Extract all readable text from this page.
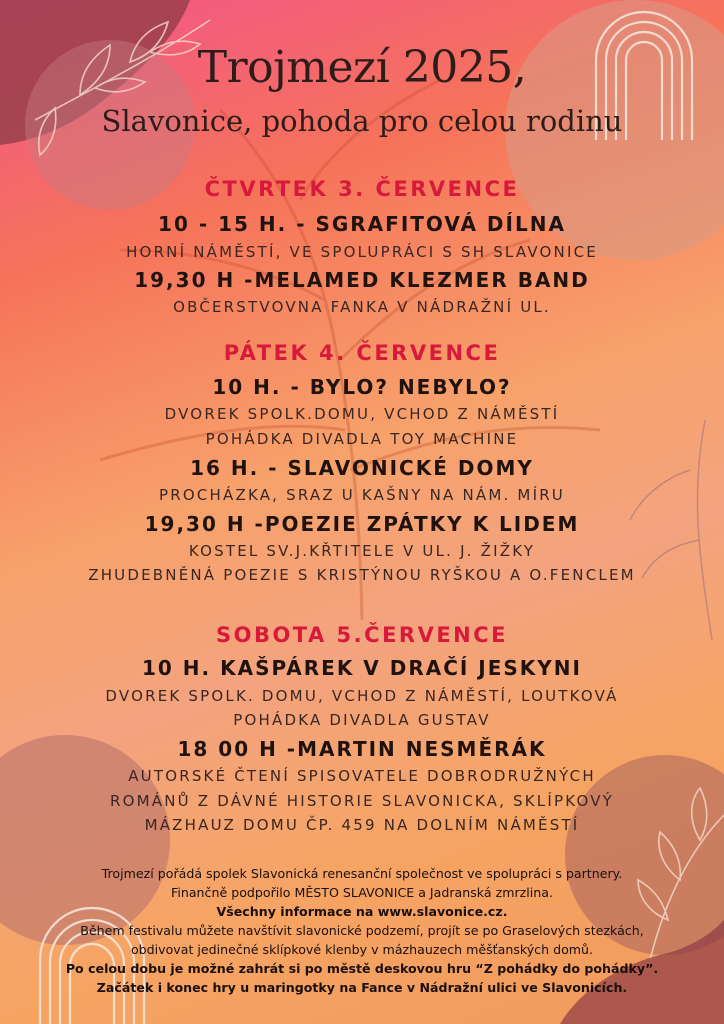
Trojmezí 2025,
Slavonice, pohoda pro celou rodinu
ČTVRTEK 3. ČERVENCE
10 - 15 H. - SGRAFITOVÁ DÍLNA
HORNÍ NÁMĚSTÍ, VE SPOLUPRÁCI S SH SLAVONICE
19,30 H -MELAMED KLEZMER BAND
OBČERSTVOVNA FANKA V NÁDRAŽNÍ UL.
PÁTEK 4. ČERVENCE
10 H. - BYLO? NEBYLO?
DVOREK SPOLK.DOMU, VCHOD Z NÁMĚSTÍ
POHÁDKA DIVADLA TOY MACHINE
16 H. - SLAVONICKÉ DOMY
PROCHÁZKA, SRAZ U KAŠNY NA NÁM. MÍRU
19,30 H -POEZIE ZPÁTKY K LIDEM
KOSTEL SV.J.KŘTITELE V UL. J. ŽIŽKY
ZHUDEBNĚNÁ POEZIE S KRISTÝNOU RYŠKOU A O.FENCLEM
SOBOTA 5.ČERVENCE
10 H. KAŠPÁREK V DRAČÍ JESKYNI
DVOREK SPOLK. DOMU, VCHOD Z NÁMĚSTÍ, LOUTKOVÁ
POHÁDKA DIVADLA GUSTAV
18 00 H -MARTIN NESMĚRÁK
AUTORSKÉ ČTENÍ SPISOVATELE DOBRODRUŽNÝCH
ROMÁNŮ Z DÁVNÉ HISTORIE SLAVONICKA, SKLÍPKOVÝ
MÁZHAUZ DOMU ČP. 459 NA DOLNÍM NÁMĚSTÍ
Trojmezí pořádá spolek Slavonická renesanční společnost ve spolupráci s partnery.
Finančně podpořilo MĚSTO SLAVONICE a Jadranská zmrzlina.
Všechny informace na www.slavonice.cz.
Během festivalu můžete navštívit slavonické podzemí, projít se po Graselových stezkách,
obdivovat jedinečné sklípkové klenby v mázhauzech měšťanských domů.
Po celou dobu je možné zahrát si po městě deskovou hru “Z pohádky do pohádky”.
Začátek i konec hry u maringotky na Fance v Nádražní ulici ve Slavonicích.
